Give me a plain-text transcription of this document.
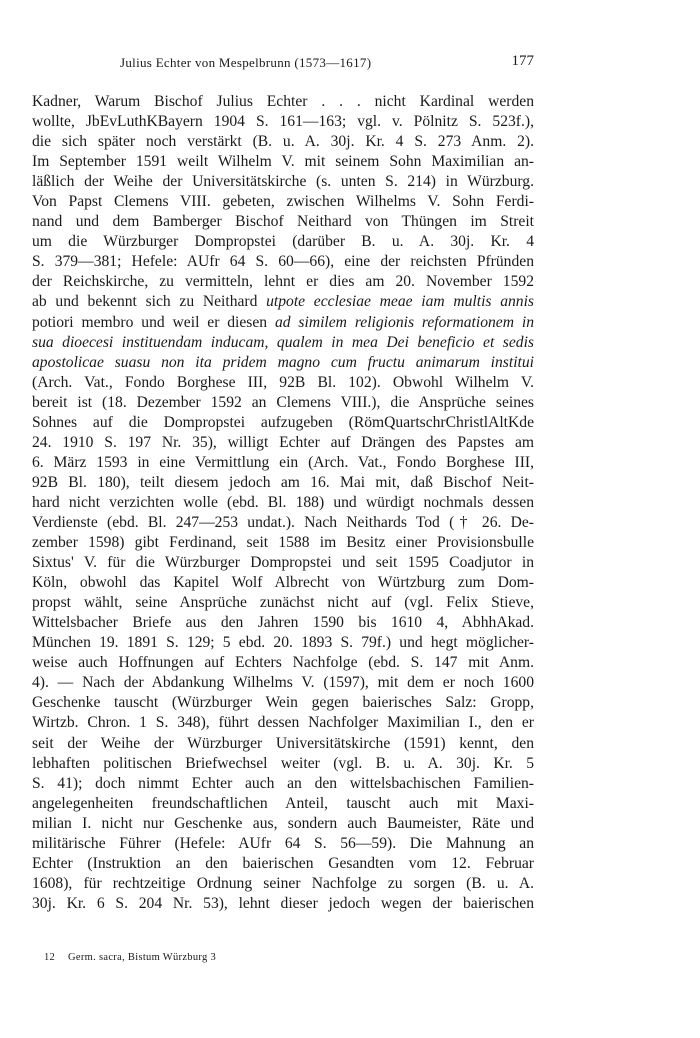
Julius Echter von Mespelbrunn (1573—1617)	177
Kadner, Warum Bischof Julius Echter . . . nicht Kardinal werden
wollte, JbEvLuthKBayern 1904 S. 161—163; vgl. v. Pölnitz S. 523f.),
die sich später noch verstärkt (B. u. A. 30j. Kr. 4 S. 273 Anm. 2).
Im September 1591 weilt Wilhelm V. mit seinem Sohn Maximilian an-
läßlich der Weihe der Universitätskirche (s. unten S. 214) in Würzburg.
Von Papst Clemens VIII. gebeten, zwischen Wilhelms V. Sohn Ferdi-
nand und dem Bamberger Bischof Neithard von Thüngen im Streit
um die Würzburger Dompropstei (darüber B. u. A. 30j. Kr. 4
S. 379—381; Hefele: AUfr 64 S. 60—66), eine der reichsten Pfründen
der Reichskirche, zu vermitteln, lehnt er dies am 20. November 1592
ab und bekennt sich zu Neithard utpote ecclesiae meae iam multis annis
potiori membro und weil er diesen ad similem religionis reformationem in
sua dioecesi instituendam inducam, qualem in mea Dei beneficio et sedis
apostolicae suasu non ita pridem magno cum fructu animarum institui
(Arch. Vat., Fondo Borghese III, 92B Bl. 102). Obwohl Wilhelm V.
bereit ist (18. Dezember 1592 an Clemens VIII.), die Ansprüche seines
Sohnes auf die Dompropstei aufzugeben (RömQuartschrChristlAltKde
24. 1910 S. 197 Nr. 35), willigt Echter auf Drängen des Papstes am
6. März 1593 in eine Vermittlung ein (Arch. Vat., Fondo Borghese III,
92B Bl. 180), teilt diesem jedoch am 16. Mai mit, daß Bischof Neit-
hard nicht verzichten wolle (ebd. Bl. 188) und würdigt nochmals dessen
Verdienste (ebd. Bl. 247—253 undat.). Nach Neithards Tod († 26. De-
zember 1598) gibt Ferdinand, seit 1588 im Besitz einer Provisionsbulle
Sixtus' V. für die Würzburger Dompropstei und seit 1595 Coadjutor in
Köln, obwohl das Kapitel Wolf Albrecht von Würtzburg zum Dom-
propst wählt, seine Ansprüche zunächst nicht auf (vgl. Felix Stieve,
Wittelsbacher Briefe aus den Jahren 1590 bis 1610 4, AbhhAkad.
München 19. 1891 S. 129; 5 ebd. 20. 1893 S. 79f.) und hegt möglicher-
weise auch Hoffnungen auf Echters Nachfolge (ebd. S. 147 mit Anm.
4). — Nach der Abdankung Wilhelms V. (1597), mit dem er noch 1600
Geschenke tauscht (Würzburger Wein gegen baierisches Salz: Gropp,
Wirtzb. Chron. 1 S. 348), führt dessen Nachfolger Maximilian I., den er
seit der Weihe der Würzburger Universitätskirche (1591) kennt, den
lebhaften politischen Briefwechsel weiter (vgl. B. u. A. 30j. Kr. 5
S. 41); doch nimmt Echter auch an den wittelsbachischen Familien-
angelegenheiten freundschaftlichen Anteil, tauscht auch mit Maxi-
milian I. nicht nur Geschenke aus, sondern auch Baumeister, Räte und
militärische Führer (Hefele: AUfr 64 S. 56—59). Die Mahnung an
Echter (Instruktion an den baierischen Gesandten vom 12. Februar
1608), für rechtzeitige Ordnung seiner Nachfolge zu sorgen (B. u. A.
30j. Kr. 6 S. 204 Nr. 53), lehnt dieser jedoch wegen der baierischen
12 Germ. sacra, Bistum Würzburg 3
